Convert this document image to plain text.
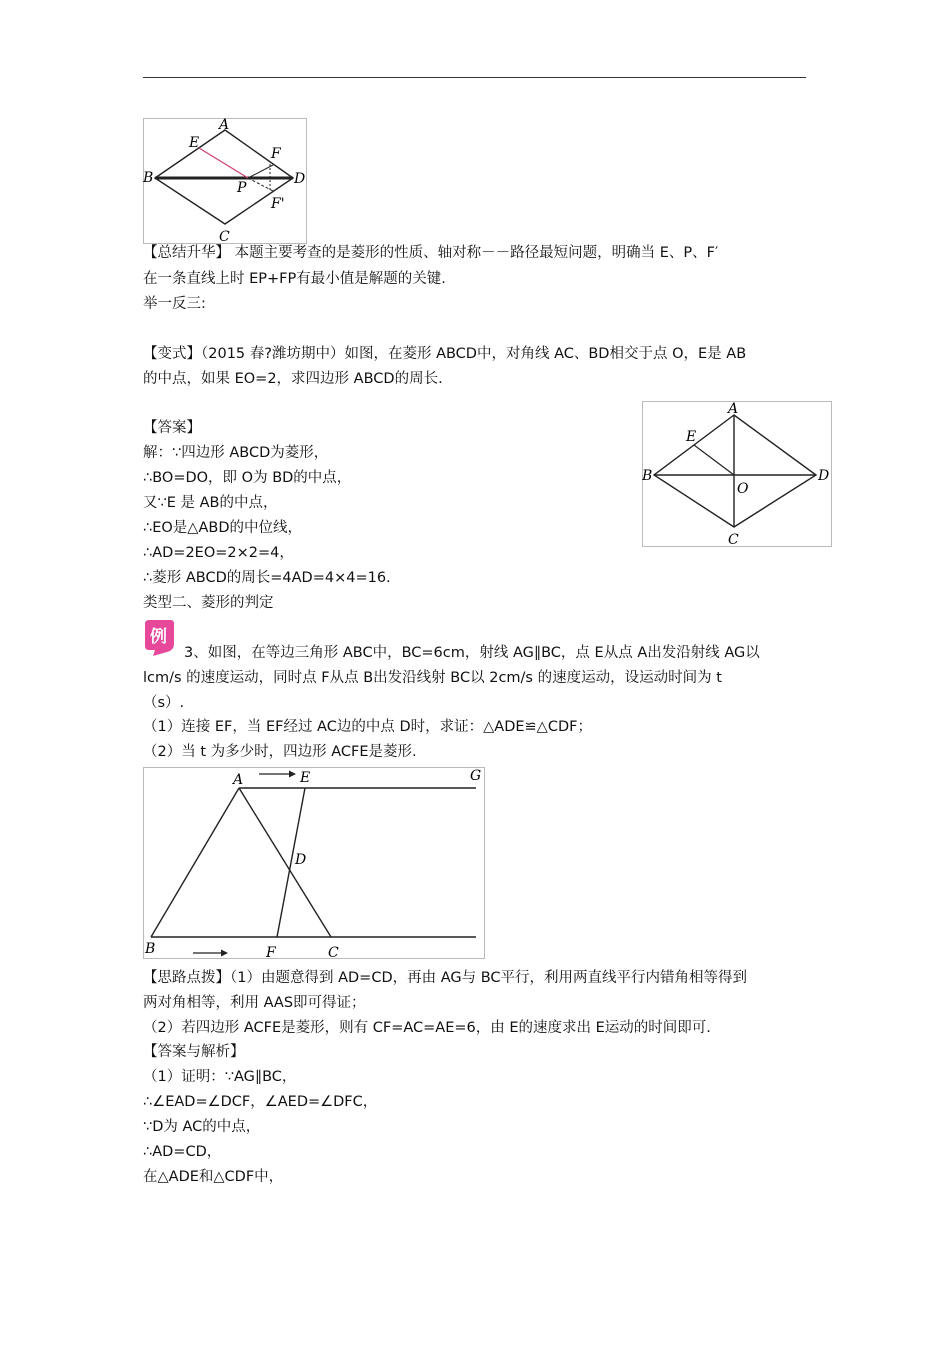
A
E
B
P
F
D
F'
C
【总结升华】 本题主要考查的是菱形的性质、轴对称－－路径最短问题，明确当 E、P、F′
在一条直线上时 EP+FP有最小值是解题的关键.
举一反三:
【变式】（2015 春?潍坊期中）如图，在菱形 ABCD中，对角线 AC、BD相交于点 O，E是 AB
的中点，如果 EO=2，求四边形 ABCD的周长.
【答案】
解：∵四边形 ABCD为菱形，
∴BO=DO，即 O为 BD的中点，
又∵E 是 AB的中点，
∴EO是△ABD的中位线，
∴AD=2EO=2×2=4，
∴菱形 ABCD的周长=4AD=4×4=16.
A
E
B
O
D
C
类型二、菱形的判定
例
3、如图，在等边三角形 ABC中，BC=6cm，射线 AG∥BC，点 E从点 A出发沿射线 AG以
lcm/s 的速度运动，同时点 F从点 B出发沿线射 BC以 2cm/s 的速度运动，设运动时间为 t
（s）.
（1）连接 EF，当 EF经过 AC边的中点 D时，求证：△ADE≌△CDF；
（2）当 t 为多少时，四边形 ACFE是菱形.
A	E	G
D
B	F	C
【思路点拨】（1）由题意得到 AD=CD，再由 AG与 BC平行，利用两直线平行内错角相等得到
两对角相等，利用 AAS即可得证；
（2）若四边形 ACFE是菱形，则有 CF=AC=AE=6，由 E的速度求出 E运动的时间即可.
【答案与解析】
（1）证明：∵AG∥BC，
∴∠EAD=∠DCF，∠AED=∠DFC，
∵D为 AC的中点，
∴AD=CD，
在△ADE和△CDF中，
